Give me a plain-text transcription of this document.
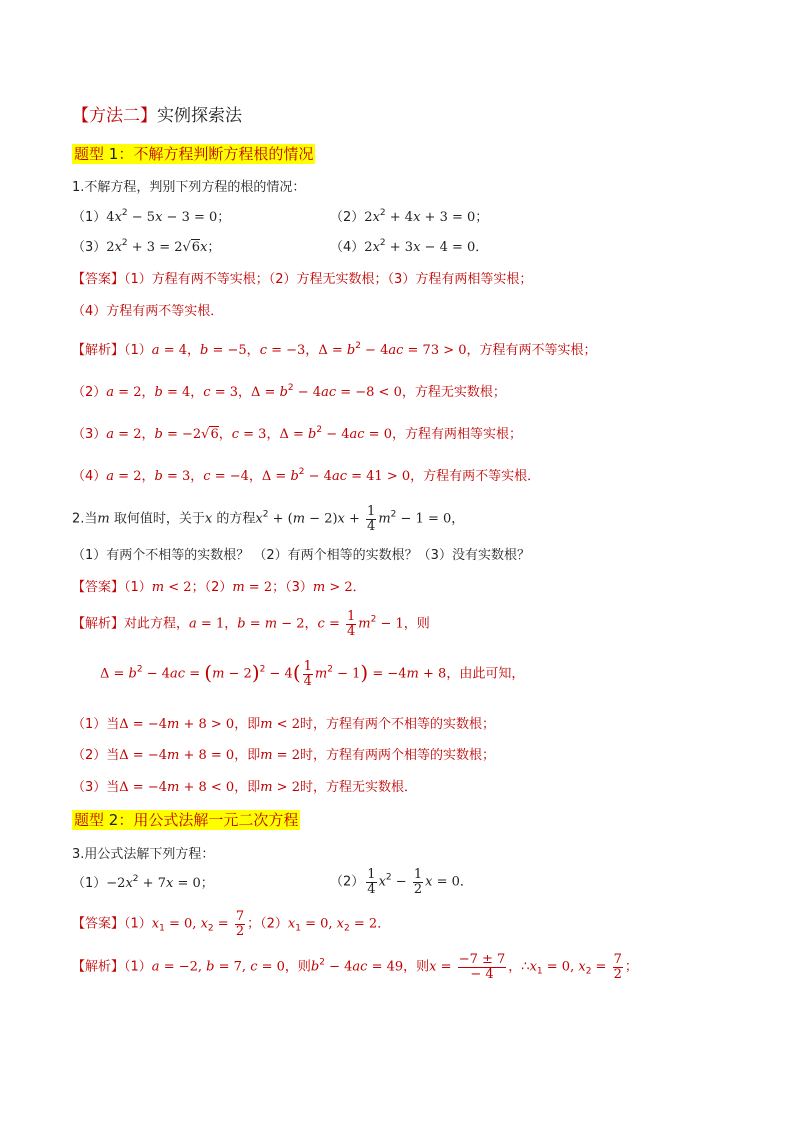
【方法二】实例探索法
题型 1：不解方程判断方程根的情况
1.不解方程，判别下列方程的根的情况：
$(1)4x^2 - 5x - 3 = 0$；	$(2)2x^2 + 4x + 3 = 0$；
$(3)2x^2 + 3 = 2√6x$；	$(4)2x^2 + 3x - 4 = 0$．
【答案】（1）方程有两不等实根；（2）方程无实数根；（3）方程有两相等实根；
（4）方程有两不等实根．
【解析】（1）a = 4，b = −5，c = −3，$\Delta = b^2 - 4ac = 73 > 0$，方程有两不等实根；
（2）a = 2，b = 4，c = 3，$\Delta = b^2 - 4ac = -8 < 0$，方程无实数根；
（3）a = 2，b = −2√6，c = 3，$\Delta = b^2 - 4ac = 0$，方程有两相等实根；
（4）a = 2，b = 3，c = −4，$\Delta = b^2 - 4ac = 41 > 0$，方程有两不等实根．
2.当m 取何值时，关于x 的方程$x^2 + (m - 2)x + \frac{1}{4} m^2 - 1 = 0$，
（1）有两个不相等的实数根？ （2）有两个相等的实数根？（3）没有实数根？
【答案】（1）m < 2；（2）m = 2；（3）m > 2．
【解析】对此方程，a = 1，b = m − 2，$c = \frac{1}{4} m^2 - 1$，则
$\Delta = b^2 - 4ac = (m - 2)^2 - 4( \frac{1}{4} m^2 - 1) = -4m + 8$，由此可知，
（1）当Δ = −4m + 8 > 0，即m < 2时，方程有两个不相等的实数根；
（2）当Δ = −4m + 8 = 0，即m = 2时，方程有两两个相等的实数根；
（3）当Δ = −4m + 8 < 0，即m > 2时，方程无实数根．
题型 2：用公式法解一元二次方程
3.用公式法解下列方程：
$(1)-2x^2 + 7x = 0$；	$(2) \frac{1}{4} x^2 - \frac{1}{2}$ x = 0．
【答案】$(1)x_1 = 0$, $x_2 = \frac{7}{2}$ ；$(2)x_1 = 0$, $x_2 = 2$．
【解析】（1）a = −2, b = 7, c = 0，则$b^2 - 4ac = 49$，则$x = \frac{-7 \pm 7}{- 4}$ ，$\therefore x_1 = 0$, $x_2 = \frac{7}{2}$ ；
